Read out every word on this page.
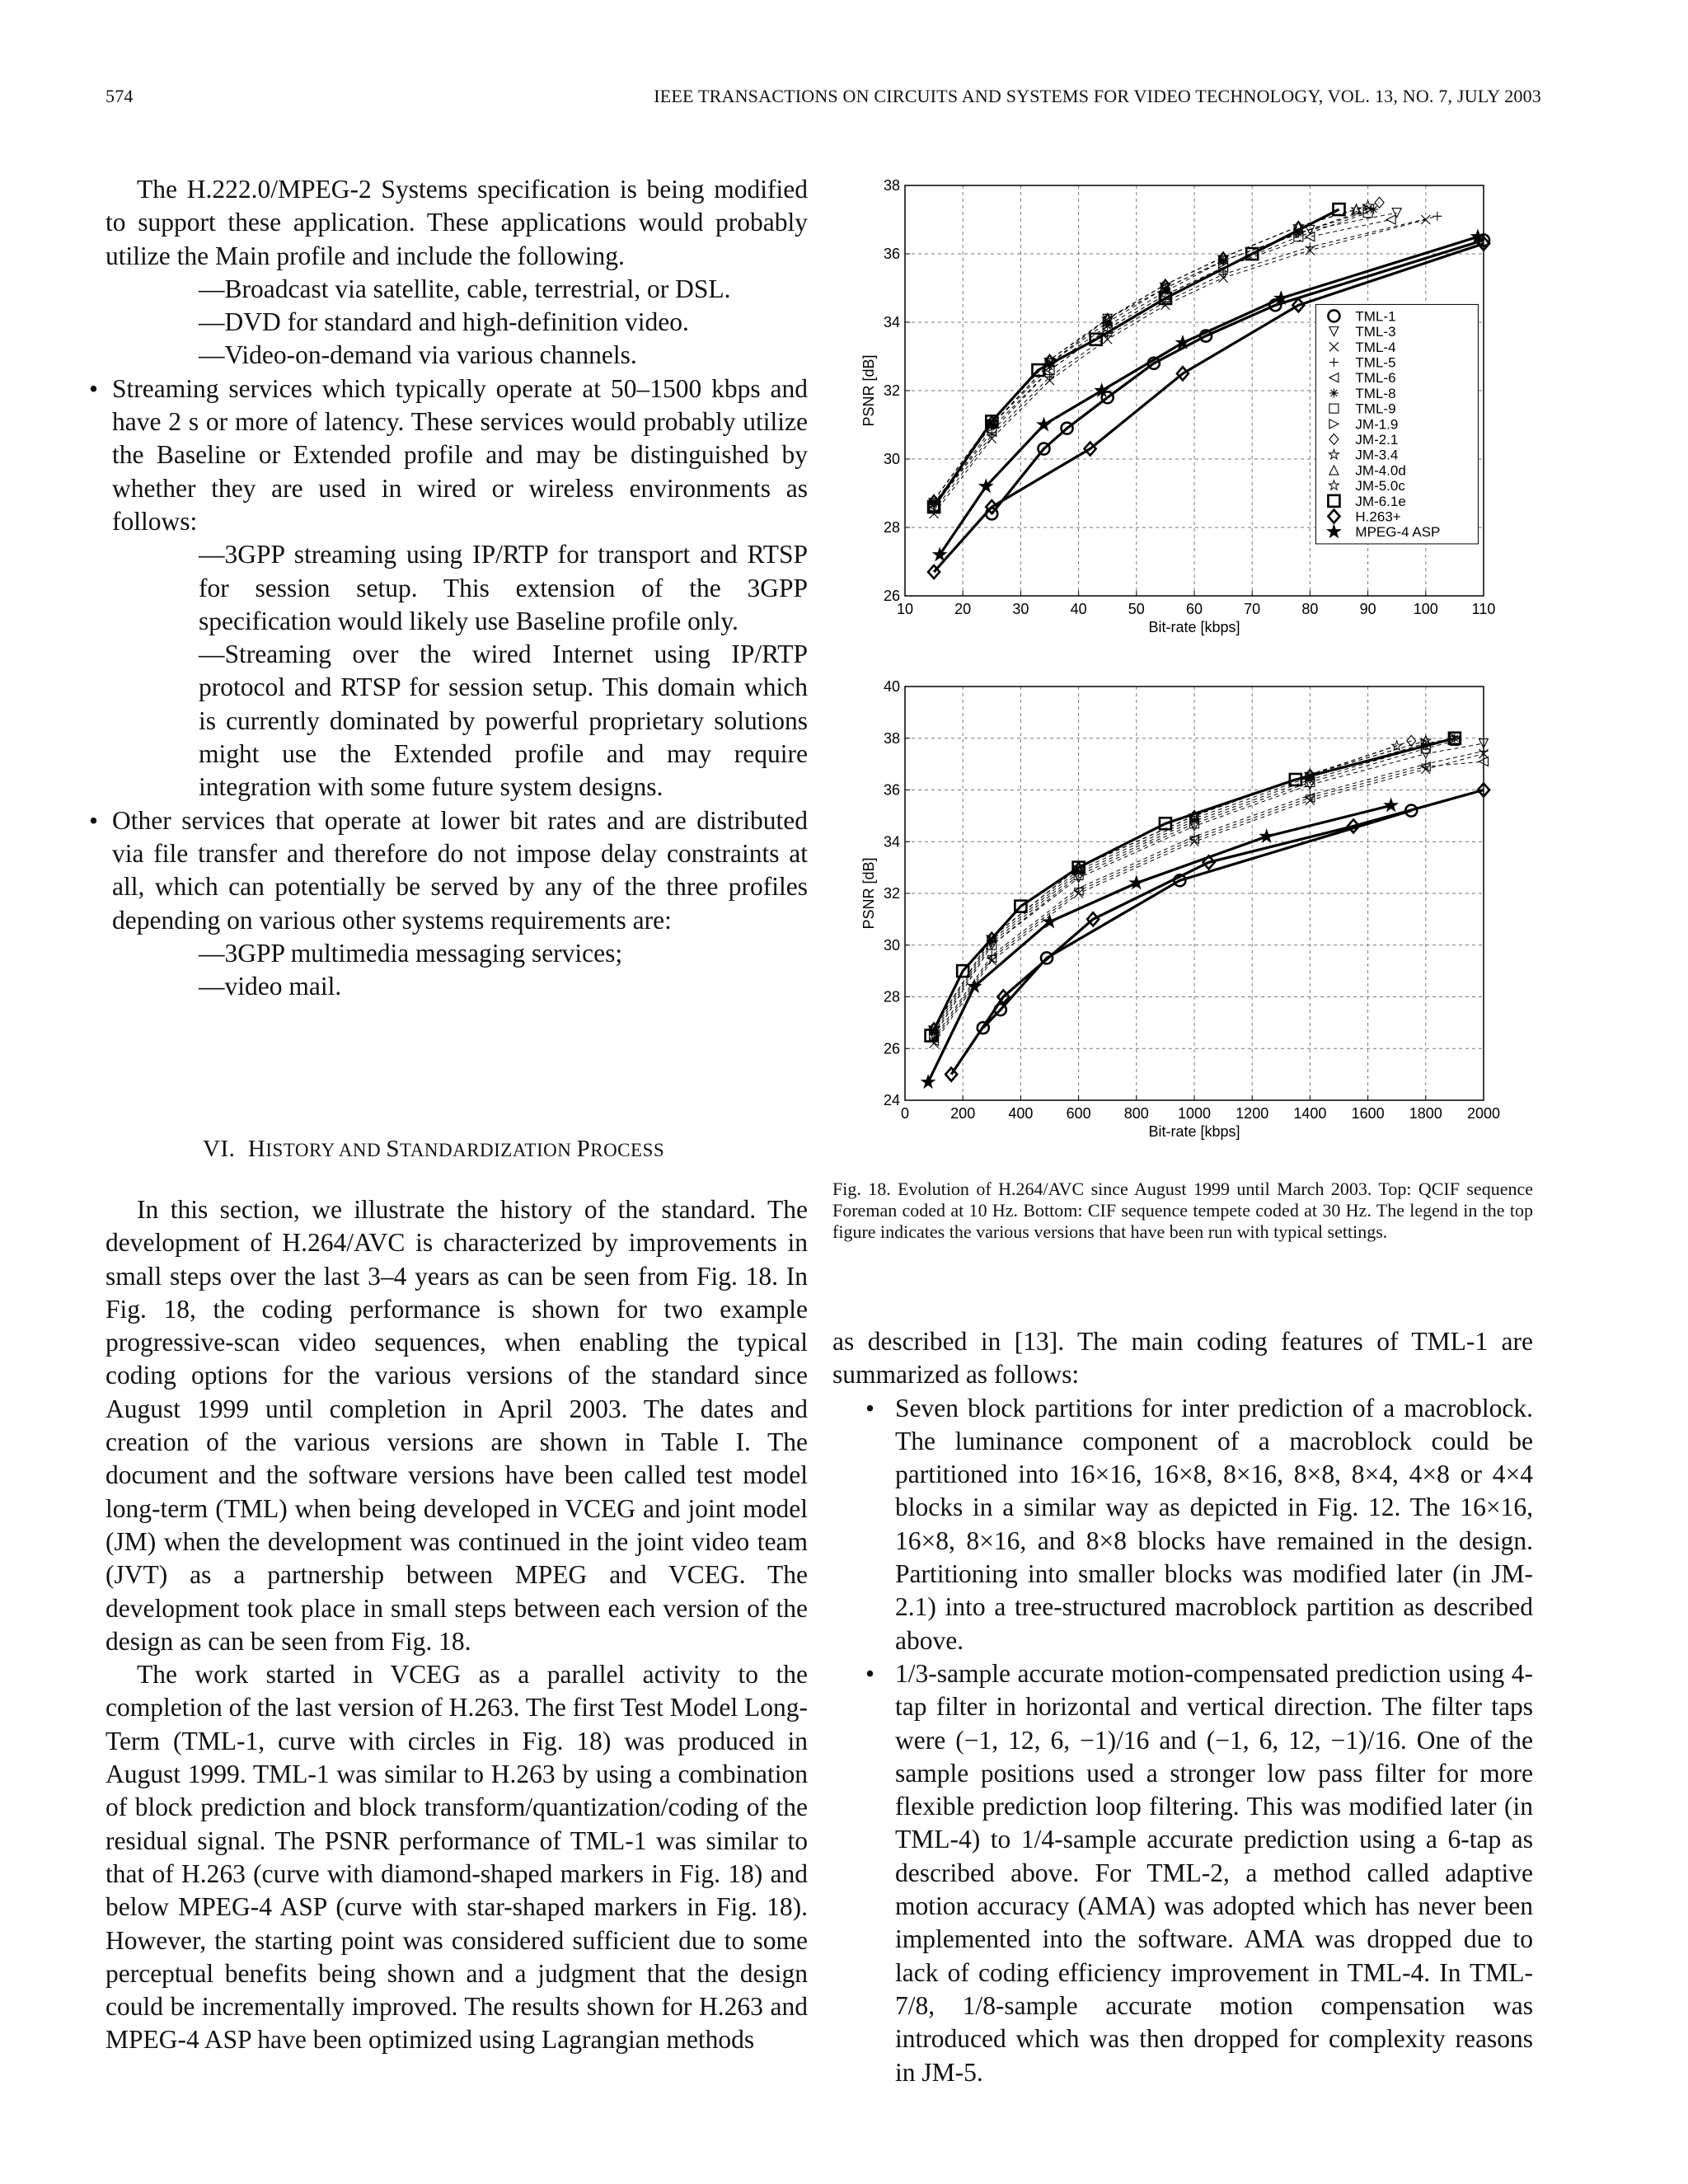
574	IEEE TRANSACTIONS ON CIRCUITS AND SYSTEMS FOR VIDEO TECHNOLOGY, VOL. 13, NO. 7, JULY 2003

The H.222.0/MPEG-2 Systems specification is being modified to support these application. These applications would probably utilize the Main profile and include the following.

—Broadcast via satellite, cable, terrestrial, or DSL.

—DVD for standard and high-definition video.

—Video-on-demand via various channels.

• Streaming services which typically operate at 50–1500 kbps and have 2 s or more of latency. These services would probably utilize the Baseline or Extended profile and may be distinguished by whether they are used in wired or wireless environments as follows:

—3GPP streaming using IP/RTP for transport and RTSP for session setup. This extension of the 3GPP specification would likely use Baseline profile only.

—Streaming over the wired Internet using IP/RTP protocol and RTSP for session setup. This domain which is currently dominated by powerful proprietary solutions might use the Extended profile and may require integration with some future system designs.

• Other services that operate at lower bit rates and are distributed via file transfer and therefore do not impose delay constraints at all, which can potentially be served by any of the three profiles depending on various other systems requirements are:

—3GPP multimedia messaging services;

—video mail.

VI. HISTORY AND STANDARDIZATION PROCESS

In this section, we illustrate the history of the standard. The development of H.264/AVC is characterized by improvements in small steps over the last 3–4 years as can be seen from Fig. 18. In Fig. 18, the coding performance is shown for two example progressive-scan video sequences, when enabling the typical coding options for the various versions of the standard since August 1999 until completion in April 2003. The dates and creation of the various versions are shown in Table I. The document and the software versions have been called test model long-term (TML) when being developed in VCEG and joint model (JM) when the development was continued in the joint video team (JVT) as a partnership between MPEG and VCEG. The development took place in small steps between each version of the design as can be seen from Fig. 18.

The work started in VCEG as a parallel activity to the completion of the last version of H.263. The first Test Model Long-Term (TML-1, curve with circles in Fig. 18) was produced in August 1999. TML-1 was similar to H.263 by using a combination of block prediction and block transform/quantization/coding of the residual signal. The PSNR performance of TML-1 was similar to that of H.263 (curve with diamond-shaped markers in Fig. 18) and below MPEG-4 ASP (curve with star-shaped markers in Fig. 18). However, the starting point was considered sufficient due to some perceptual benefits being shown and a judgment that the design could be incrementally improved. The results shown for H.263 and MPEG-4 ASP have been optimized using Lagrangian methods

10	20	30	40	50	60	70	80	90	100 110
26
28
30
32
34
36
38
Bit-rate [kbps]
PSNR [dB]
TML-1
TML-3
TML-4
TML-5
TML-6
TML-8
TML-9
JM-1.9
JM-2.1
JM-3.4
JM-4.0d
JM-5.0c
JM-6.1e
H.263+
MPEG-4 ASP
0	200 400 600 800 1000 1200 1400 1600 1800 2000
24
26
28
30
32
34
36
38
40
Bit-rate [kbps]
PSNR [dB]
Fig. 18. Evolution of H.264/AVC since August 1999 until March 2003. Top: QCIF sequence Foreman coded at 10 Hz. Bottom: CIF sequence tempete coded at 30 Hz. The legend in the top figure indicates the various versions that have been run with typical settings.

as described in [13]. The main coding features of TML-1 are summarized as follows:

• Seven block partitions for inter prediction of a macroblock. The luminance component of a macroblock could be partitioned into 16×16, 16×8, 8×16, 8×8, 8×4, 4×8 or 4×4 blocks in a similar way as depicted in Fig. 12. The 16×16, 16×8, 8×16, and 8×8 blocks have remained in the design. Partitioning into smaller blocks was modified later (in JM-2.1) into a tree-structured macroblock partition as described above.

• 1/3-sample accurate motion-compensated prediction using 4-tap filter in horizontal and vertical direction. The filter taps were (−1, 12, 6, −1)/16 and (−1, 6, 12, −1)/16. One of the sample positions used a stronger low pass filter for more flexible prediction loop filtering. This was modified later (in TML-4) to 1/4-sample accurate prediction using a 6-tap as described above. For TML-2, a method called adaptive motion accuracy (AMA) was adopted which has never been implemented into the software. AMA was dropped due to lack of coding efficiency improvement in TML-4. In TML-7/8, 1/8-sample accurate motion compensation was introduced which was then dropped for complexity reasons in JM-5.
